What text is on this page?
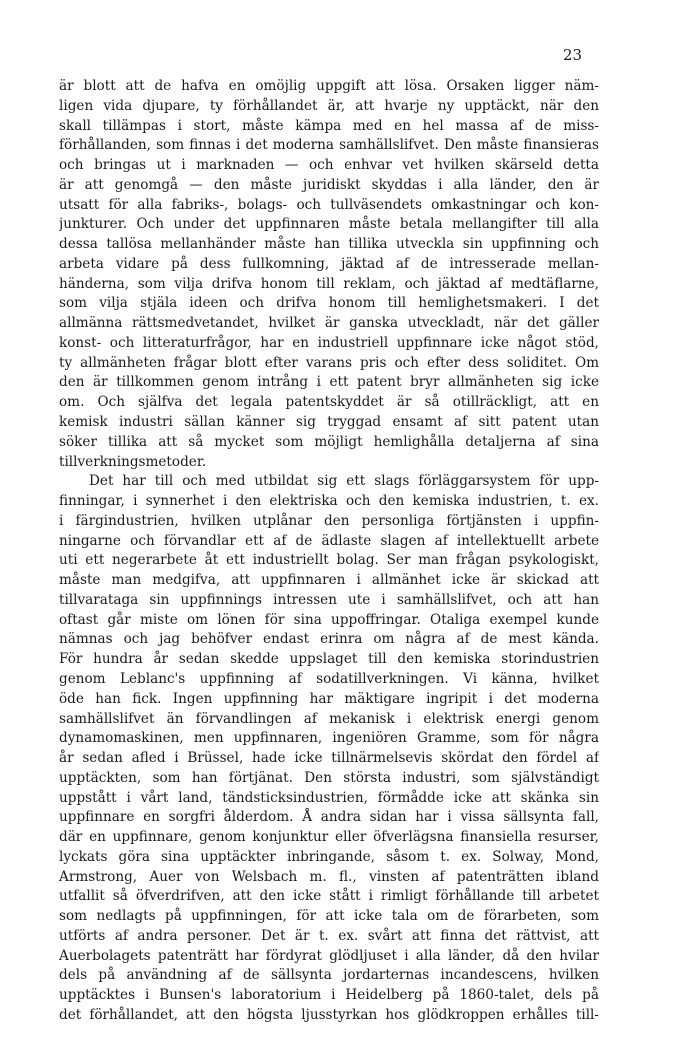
23
är blott att de hafva en omöjlig uppgift att lösa. Orsaken ligger näm-
ligen vida djupare, ty förhållandet är, att hvarje ny upptäckt, när den
skall tillämpas i stort, måste kämpa med en hel massa af de miss-
förhållanden, som finnas i det moderna samhällslifvet. Den måste finansieras
och bringas ut i marknaden — och enhvar vet hvilken skärseld detta
är att genomgå — den måste juridiskt skyddas i alla länder, den är
utsatt för alla fabriks-, bolags- och tullväsendets omkastningar och kon-
junkturer. Och under det uppfinnaren måste betala mellangifter till alla
dessa tallösa mellanhänder måste han tillika utveckla sin uppfinning och
arbeta vidare på dess fullkomning, jäktad af de intresserade mellan-
händerna, som vilja drifva honom till reklam, och jäktad af medtäflarne,
som vilja stjäla ideen och drifva honom till hemlighetsmakeri. I det
allmänna rättsmedvetandet, hvilket är ganska utveckladt, när det gäller
konst- och litteraturfrågor, har en industriell uppfinnare icke något stöd,
ty allmänheten frågar blott efter varans pris och efter dess soliditet. Om
den är tillkommen genom intrång i ett patent bryr allmänheten sig icke
om. Och själfva det legala patentskyddet är så otillräckligt, att en
kemisk industri sällan känner sig tryggad ensamt af sitt patent utan
söker tillika att så mycket som möjligt hemlighålla detaljerna af sina
tillverkningsmetoder.
Det har till och med utbildat sig ett slags förläggarsystem för upp-
finningar, i synnerhet i den elektriska och den kemiska industrien, t. ex.
i färgindustrien, hvilken utplånar den personliga förtjänsten i uppfin-
ningarne och förvandlar ett af de ädlaste slagen af intellektuellt arbete
uti ett negerarbete åt ett industriellt bolag. Ser man frågan psykologiskt,
måste man medgifva, att uppfinnaren i allmänhet icke är skickad att
tillvarataga sin uppfinnings intressen ute i samhällslifvet, och att han
oftast går miste om lönen för sina uppoffringar. Otaliga exempel kunde
nämnas och jag behöfver endast erinra om några af de mest kända.
För hundra år sedan skedde uppslaget till den kemiska storindustrien
genom Leblanc's uppfinning af sodatillverkningen. Vi känna, hvilket
öde han fick. Ingen uppfinning har mäktigare ingripit i det moderna
samhällslifvet än förvandlingen af mekanisk i elektrisk energi genom
dynamomaskinen, men uppfinnaren, ingeniören Gramme, som för några
år sedan afled i Brüssel, hade icke tillnärmelsevis skördat den fördel af
upptäckten, som han förtjänat. Den största industri, som självständigt
uppstått i vårt land, tändsticksindustrien, förmådde icke att skänka sin
uppfinnare en sorgfri ålderdom. Å andra sidan har i vissa sällsynta fall,
där en uppfinnare, genom konjunktur eller öfverlägsna finansiella resurser,
lyckats göra sina upptäckter inbringande, såsom t. ex. Solway, Mond,
Armstrong, Auer von Welsbach m. fl., vinsten af patenträtten ibland
utfallit så öfverdrifven, att den icke stått i rimligt förhållande till arbetet
som nedlagts på uppfinningen, för att icke tala om de förarbeten, som
utförts af andra personer. Det är t. ex. svårt att finna det rättvist, att
Auerbolagets patenträtt har fördyrat glödljuset i alla länder, då den hvilar
dels på användning af de sällsynta jordarternas incandescens, hvilken
upptäcktes i Bunsen's laboratorium i Heidelberg på 1860-talet, dels på
det förhållandet, att den högsta ljusstyrkan hos glödkroppen erhålles till-
